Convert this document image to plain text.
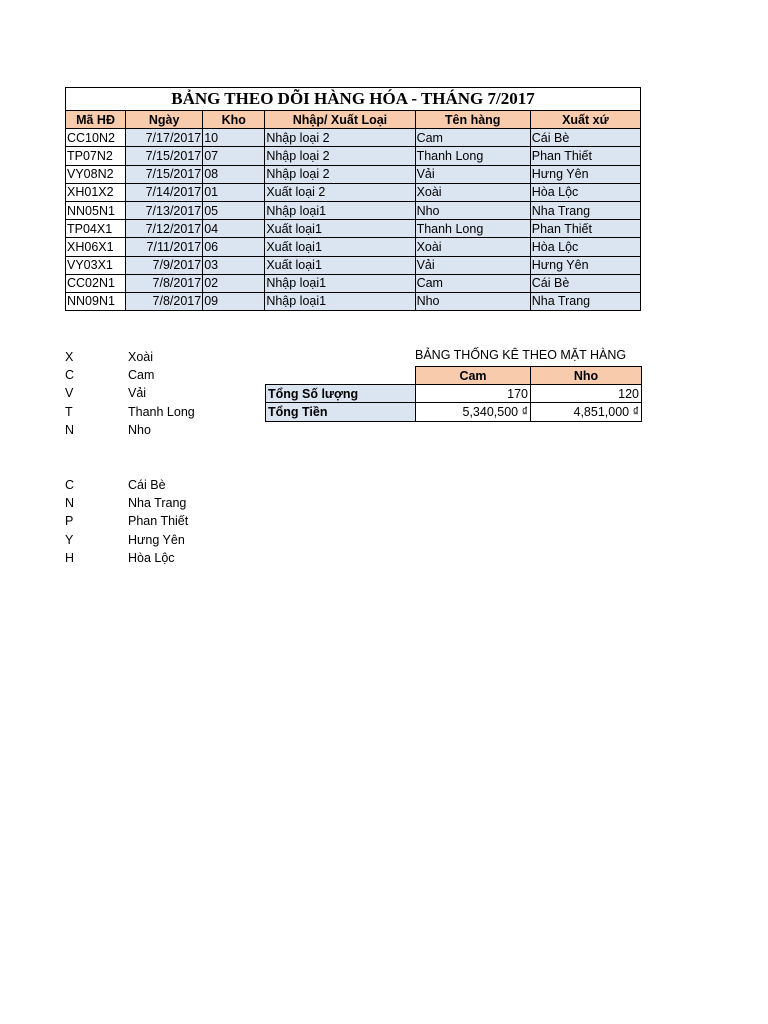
BẢNG THEO DÕI HÀNG HÓA - THÁNG 7/2017					
Mã HĐ	Ngày	Kho	Nhập/ Xuất Loại	Tên hàng	Xuất xứ
CC10N2	7/17/2017	10	Nhập loại 2	Cam	Cái Bè
TP07N2	7/15/2017	07	Nhập loại 2	Thanh Long	Phan Thiết
VY08N2	7/15/2017	08	Nhập loại 2	Vải	Hưng Yên
XH01X2	7/14/2017	01	Xuất loại 2	Xoài	Hòa Lộc
NN05N1	7/13/2017	05	Nhập loại1	Nho	Nha Trang
TP04X1	7/12/2017	04	Xuất loại1	Thanh Long	Phan Thiết
XH06X1	7/11/2017	06	Xuất loại1	Xoài	Hòa Lộc
VY03X1	7/9/2017	03	Xuất loại1	Vải	Hưng Yên
CC02N1	7/8/2017	02	Nhập loại1	Cam	Cái Bè
NN09N1	7/8/2017	09	Nhập loại1	Nho	Nha Trang
X	Xoài
C	Cam
V	Vải
T	Thanh Long
N	Nho
C	Cái Bè
N	Nha Trang
P	Phan Thiết
Y	Hưng Yên
H	Hòa Lộc
BẢNG THỐNG KÊ THEO MẶT HÀNG
	Cam	Nho
Tổng Số lượng	170	120
Tổng Tiền	5,340,500 ₫	4,851,000 ₫
